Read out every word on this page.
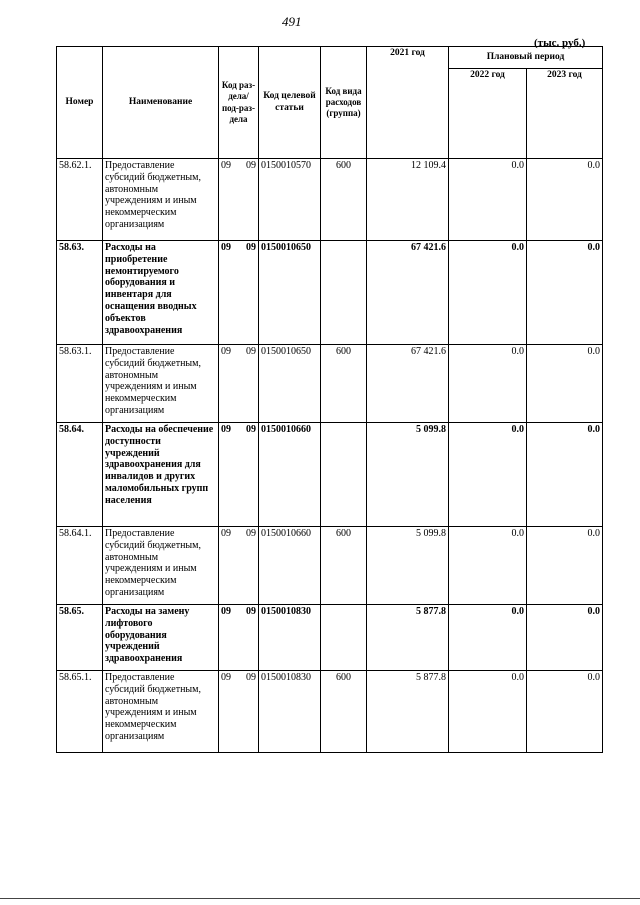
491
(тыс. руб.)
Номер	Наименование	Код раз-дела/ под-раз-дела	Код целевой статьи	Код вида расходов (группа)	2021 год	Плановый период	
						2022 год	2023 год
58.62.1.	Предоставление субсидий бюджетным, автономным учреждениям и иным некоммерческим организациям	09 09	0150010570	600	12 109.4	0.0	0.0
58.63.	Расходы на приобретение немонтируемого оборудования и инвентаря для оснащения вводных объектов здравоохранения	09 09	0150010650		67 421.6	0.0	0.0
58.63.1.	Предоставление субсидий бюджетным, автономным учреждениям и иным некоммерческим организациям	09 09	0150010650	600	67 421.6	0.0	0.0
58.64.	Расходы на обеспечение доступности учреждений здравоохранения для инвалидов и других маломобильных групп населения	09 09	0150010660		5 099.8	0.0	0.0
58.64.1.	Предоставление субсидий бюджетным, автономным учреждениям и иным некоммерческим организациям	09 09	0150010660	600	5 099.8	0.0	0.0
58.65.	Расходы на замену лифтового оборудования учреждений здравоохранения	09 09	0150010830		5 877.8	0.0	0.0
58.65.1.	Предоставление субсидий бюджетным, автономным учреждениям и иным некоммерческим организациям	09 09	0150010830	600	5 877.8	0.0	0.0
